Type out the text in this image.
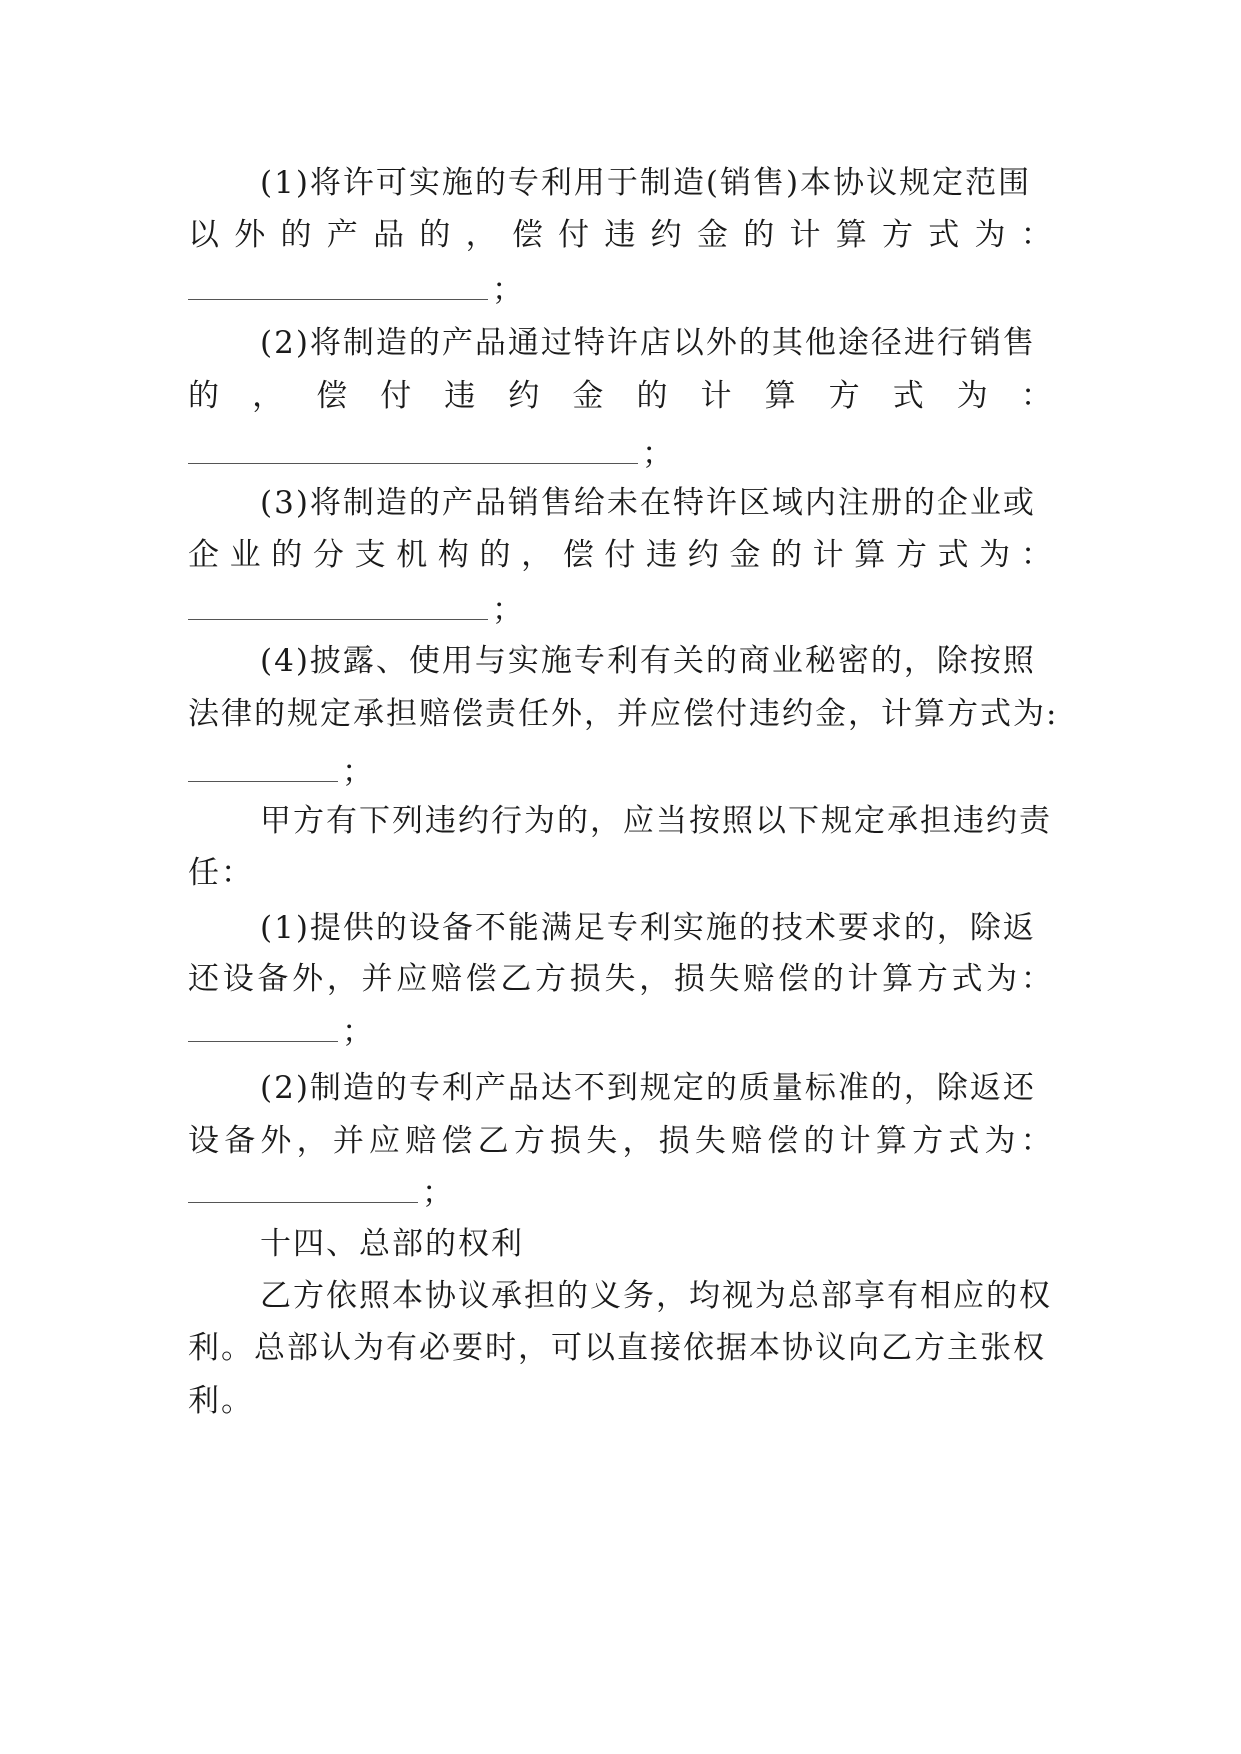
(1)将许可实施的专利用于制造(销售)本协议规定范围
以 外 的 产 品 的 ， 偿 付 违 约 金 的 计 算 方 式 为 ：
；
(2)将制造的产品通过特许店以外的其他途径进行销售
的 ， 偿 付 违 约 金 的 计 算 方 式 为 ：
；
(3)将制造的产品销售给未在特许区域内注册的企业或
企 业 的 分 支 机 构 的 ， 偿 付 违 约 金 的 计 算 方 式 为 ：
；
(4)披露、使用与实施专利有关的商业秘密的，除按照
法律的规定承担赔偿责任外，并应偿付违约金，计算方式为:
；
甲方有下列违约行为的，应当按照以下规定承担违约责
任：
(1)提供的设备不能满足专利实施的技术要求的，除返
还 设 备 外 ， 并 应 赔 偿 乙 方 损 失 ， 损 失 赔 偿 的 计 算 方 式 为 ：
；
(2)制造的专利产品达不到规定的质量标准的，除返还
设 备 外 ， 并 应 赔 偿 乙 方 损 失 ， 损 失 赔 偿 的 计 算 方 式 为 ：
；
十四、总部的权利
乙方依照本协议承担的义务，均视为总部享有相应的权
利。总部认为有必要时，可以直接依据本协议向乙方主张权
利。
